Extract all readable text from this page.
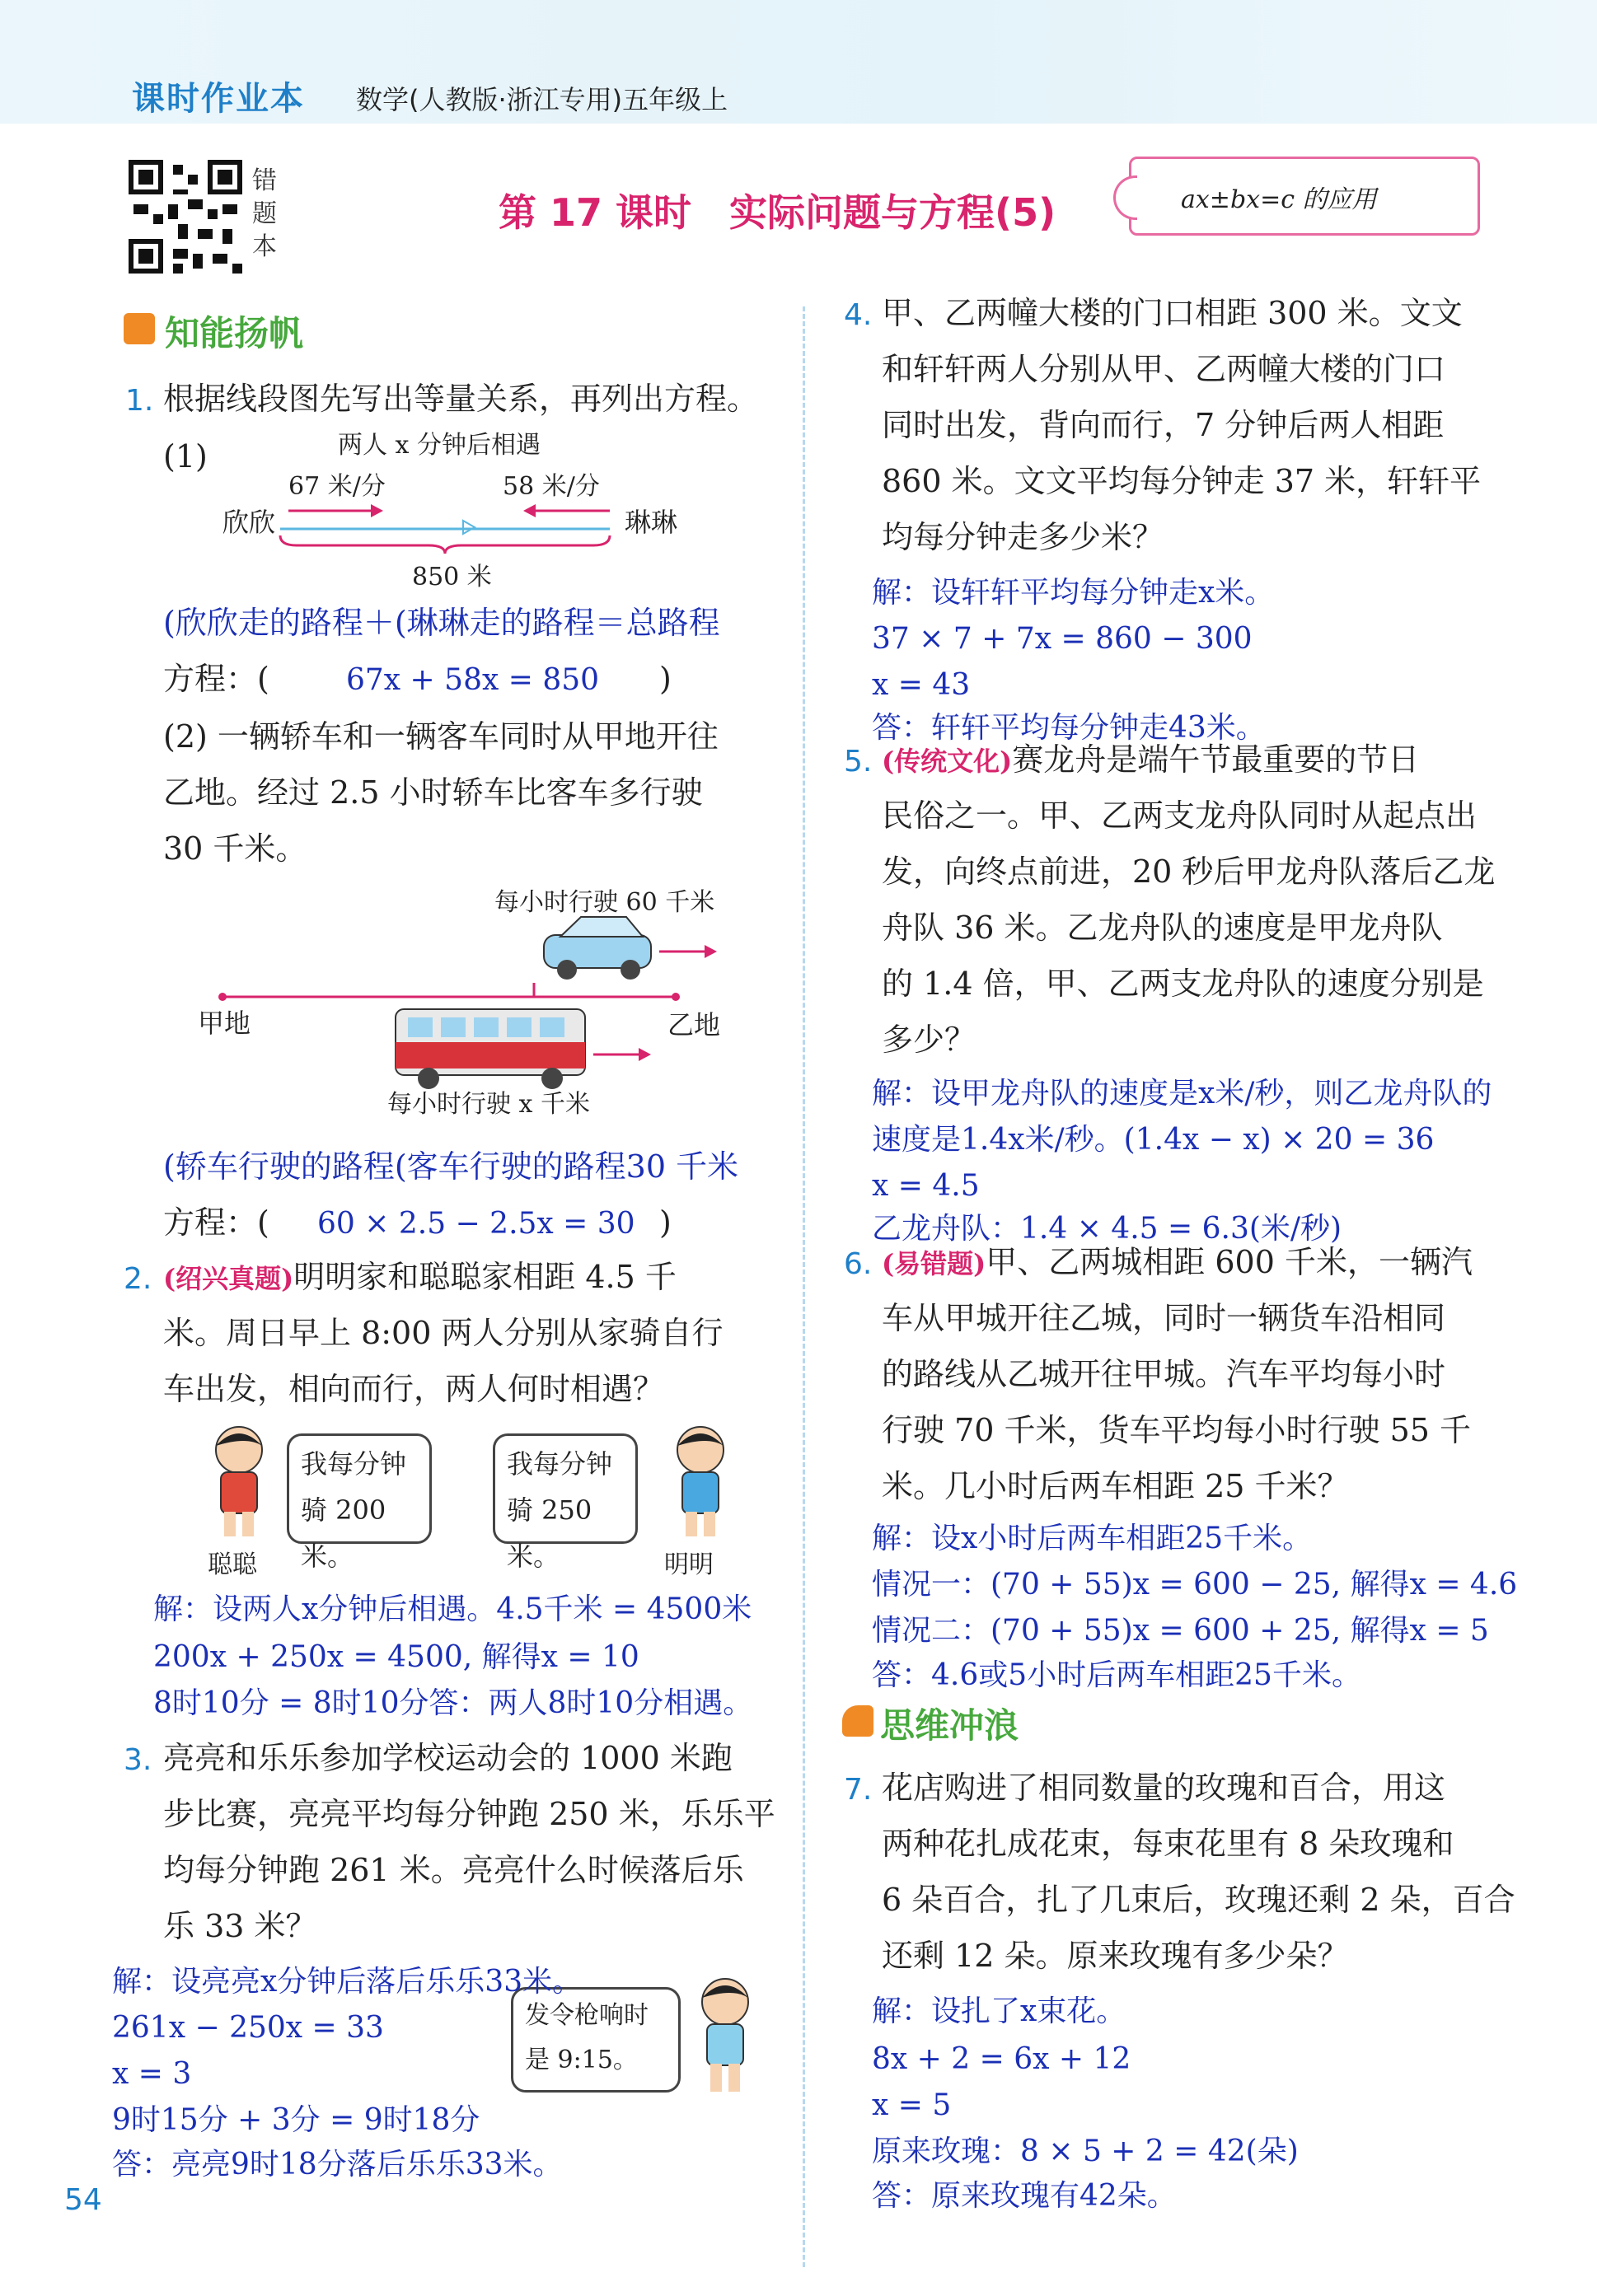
课时作业本 数学(人教版·浙江专用)五年级上
错
题
本
第 17 课时　实际问题与方程(5)	ax±bx=c 的应用
知能扬帆
1. 根据线段图先写出等量关系，再列出方程。
(1)	两人 x 分钟后相遇
67 米/分	58 米/分
850 米
欣欣	琳琳
(欣欣走的路程＋(琳琳走的路程＝总路程
方程：(	67x + 58x = 850 )
(2) 一辆轿车和一辆客车同时从甲地开往
乙地。经过 2.5 小时轿车比客车多行驶
30 千米。
每小时行驶 60 千米
每小时行驶 x 千米
甲地	乙地
(轿车行驶的路程(客车行驶的路程30 千米
方程：( 60 × 2.5 − 2.5x = 30 )
2. (绍兴真题)明明家和聪聪家相距 4.5 千
米。周日早上 8:00 两人分别从家骑自行
车出发，相向而行，两人何时相遇？
我每分钟
骑 200 米。
我每分钟
骑 250 米。
聪聪	明明
解：设两人x分钟后相遇。4.5千米 = 4500米
200x + 250x = 4500, 解得x = 10
8时10分 = 8时10分答：两人8时10分相遇。
3. 亮亮和乐乐参加学校运动会的 1000 米跑
步比赛，亮亮平均每分钟跑 250 米，乐乐平
均每分钟跑 261 米。亮亮什么时候落后乐
乐 33 米？
发令枪响时
是 9:15。
解：设亮亮x分钟后落后乐乐33米。
261x − 250x = 33
x = 3
9时15分 + 3分 = 9时18分
答：亮亮9时18分落后乐乐33米。
54
4. 甲、乙两幢大楼的门口相距 300 米。文文
和轩轩两人分别从甲、乙两幢大楼的门口
同时出发，背向而行，7 分钟后两人相距
860 米。文文平均每分钟走 37 米，轩轩平
均每分钟走多少米？
解：设轩轩平均每分钟走x米。
37 × 7 + 7x = 860 − 300
x = 43
答：轩轩平均每分钟走43米。
5. (传统文化)赛龙舟是端午节最重要的节日
民俗之一。甲、乙两支龙舟队同时从起点出
发，向终点前进，20 秒后甲龙舟队落后乙龙
舟队 36 米。乙龙舟队的速度是甲龙舟队
的 1.4 倍，甲、乙两支龙舟队的速度分别是
多少？
解：设甲龙舟队的速度是x米/秒，则乙龙舟队的
速度是1.4x米/秒。(1.4x − x) × 20 = 36
x = 4.5
乙龙舟队：1.4 × 4.5 = 6.3(米/秒)
6. (易错题)甲、乙两城相距 600 千米，一辆汽
车从甲城开往乙城，同时一辆货车沿相同
的路线从乙城开往甲城。汽车平均每小时
行驶 70 千米，货车平均每小时行驶 55 千
米。几小时后两车相距 25 千米？
解：设x小时后两车相距25千米。
情况一：(70 + 55)x = 600 − 25, 解得x = 4.6
情况二：(70 + 55)x = 600 + 25, 解得x = 5
答：4.6或5小时后两车相距25千米。
思维冲浪
7. 花店购进了相同数量的玫瑰和百合，用这
两种花扎成花束，每束花里有 8 朵玫瑰和
6 朵百合，扎了几束后，玫瑰还剩 2 朵，百合
还剩 12 朵。原来玫瑰有多少朵？
解：设扎了x束花。
8x + 2 = 6x + 12
x = 5
原来玫瑰：8 × 5 + 2 = 42(朵)
答：原来玫瑰有42朵。
